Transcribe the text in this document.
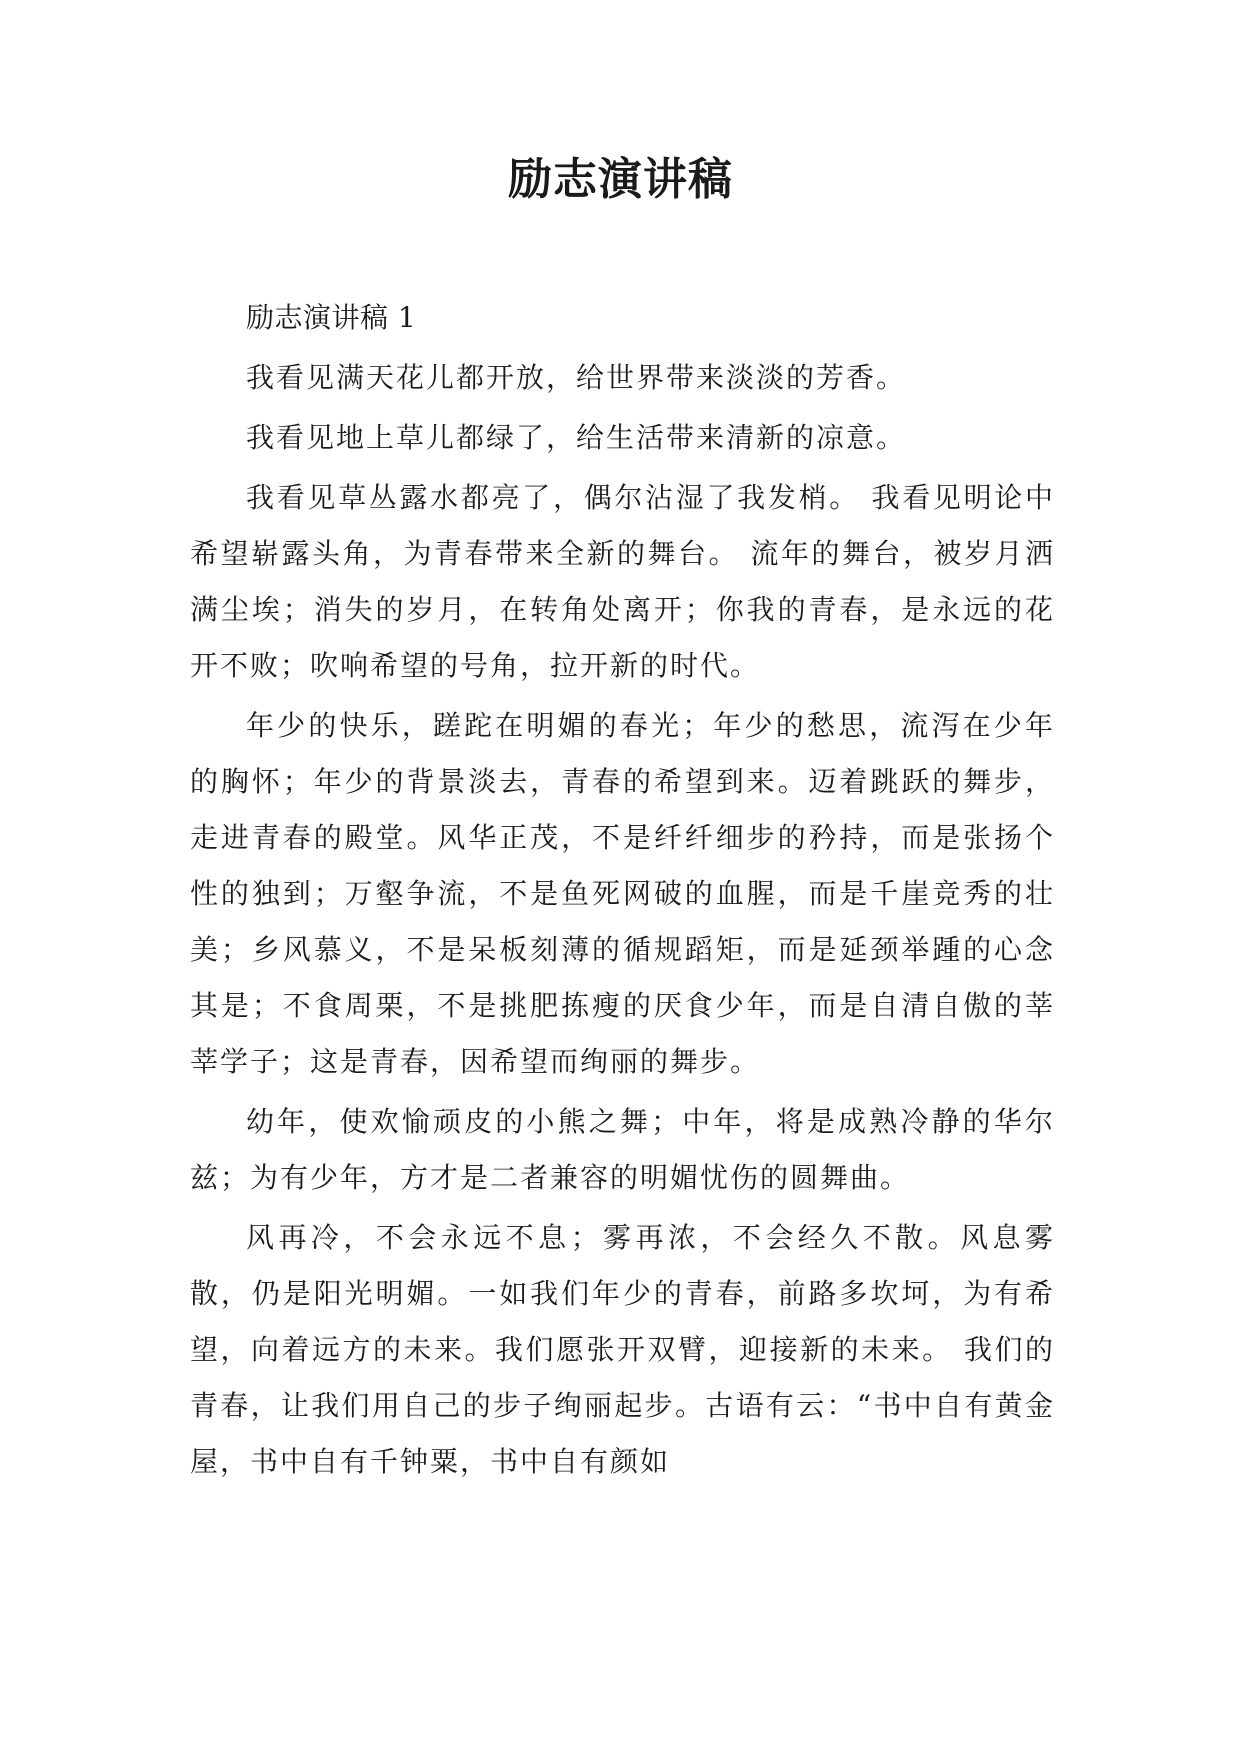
励志演讲稿

励志演讲稿 1

我看见满天花儿都开放，给世界带来淡淡的芳香。

我看见地上草儿都绿了，给生活带来清新的凉意。

我看见草丛露水都亮了，偶尔沾湿了我发梢。 我看见明论中希望崭露头角，为青春带来全新的舞台。 流年的舞台，被岁月洒满尘埃；消失的岁月，在转角处离开；你我的青春，是永远的花开不败；吹响希望的号角，拉开新的时代。

年少的快乐，蹉跎在明媚的春光；年少的愁思，流泻在少年的胸怀；年少的背景淡去，青春的希望到来。迈着跳跃的舞步，走进青春的殿堂。风华正茂，不是纤纤细步的矜持，而是张扬个性的独到；万壑争流，不是鱼死网破的血腥，而是千崖竞秀的壮美；乡风慕义，不是呆板刻薄的循规蹈矩，而是延颈举踵的心念其是；不食周栗，不是挑肥拣瘦的厌食少年，而是自清自傲的莘莘学子；这是青春，因希望而绚丽的舞步。

幼年，使欢愉顽皮的小熊之舞；中年，将是成熟冷静的华尔兹；为有少年，方才是二者兼容的明媚忧伤的圆舞曲。

风再冷，不会永远不息；雾再浓，不会经久不散。风息雾散，仍是阳光明媚。一如我们年少的青春，前路多坎坷，为有希望，向着远方的未来。我们愿张开双臂，迎接新的未来。 我们的青春，让我们用自己的步子绚丽起步。古语有云：“书中自有黄金屋，书中自有千钟粟，书中自有颜如
